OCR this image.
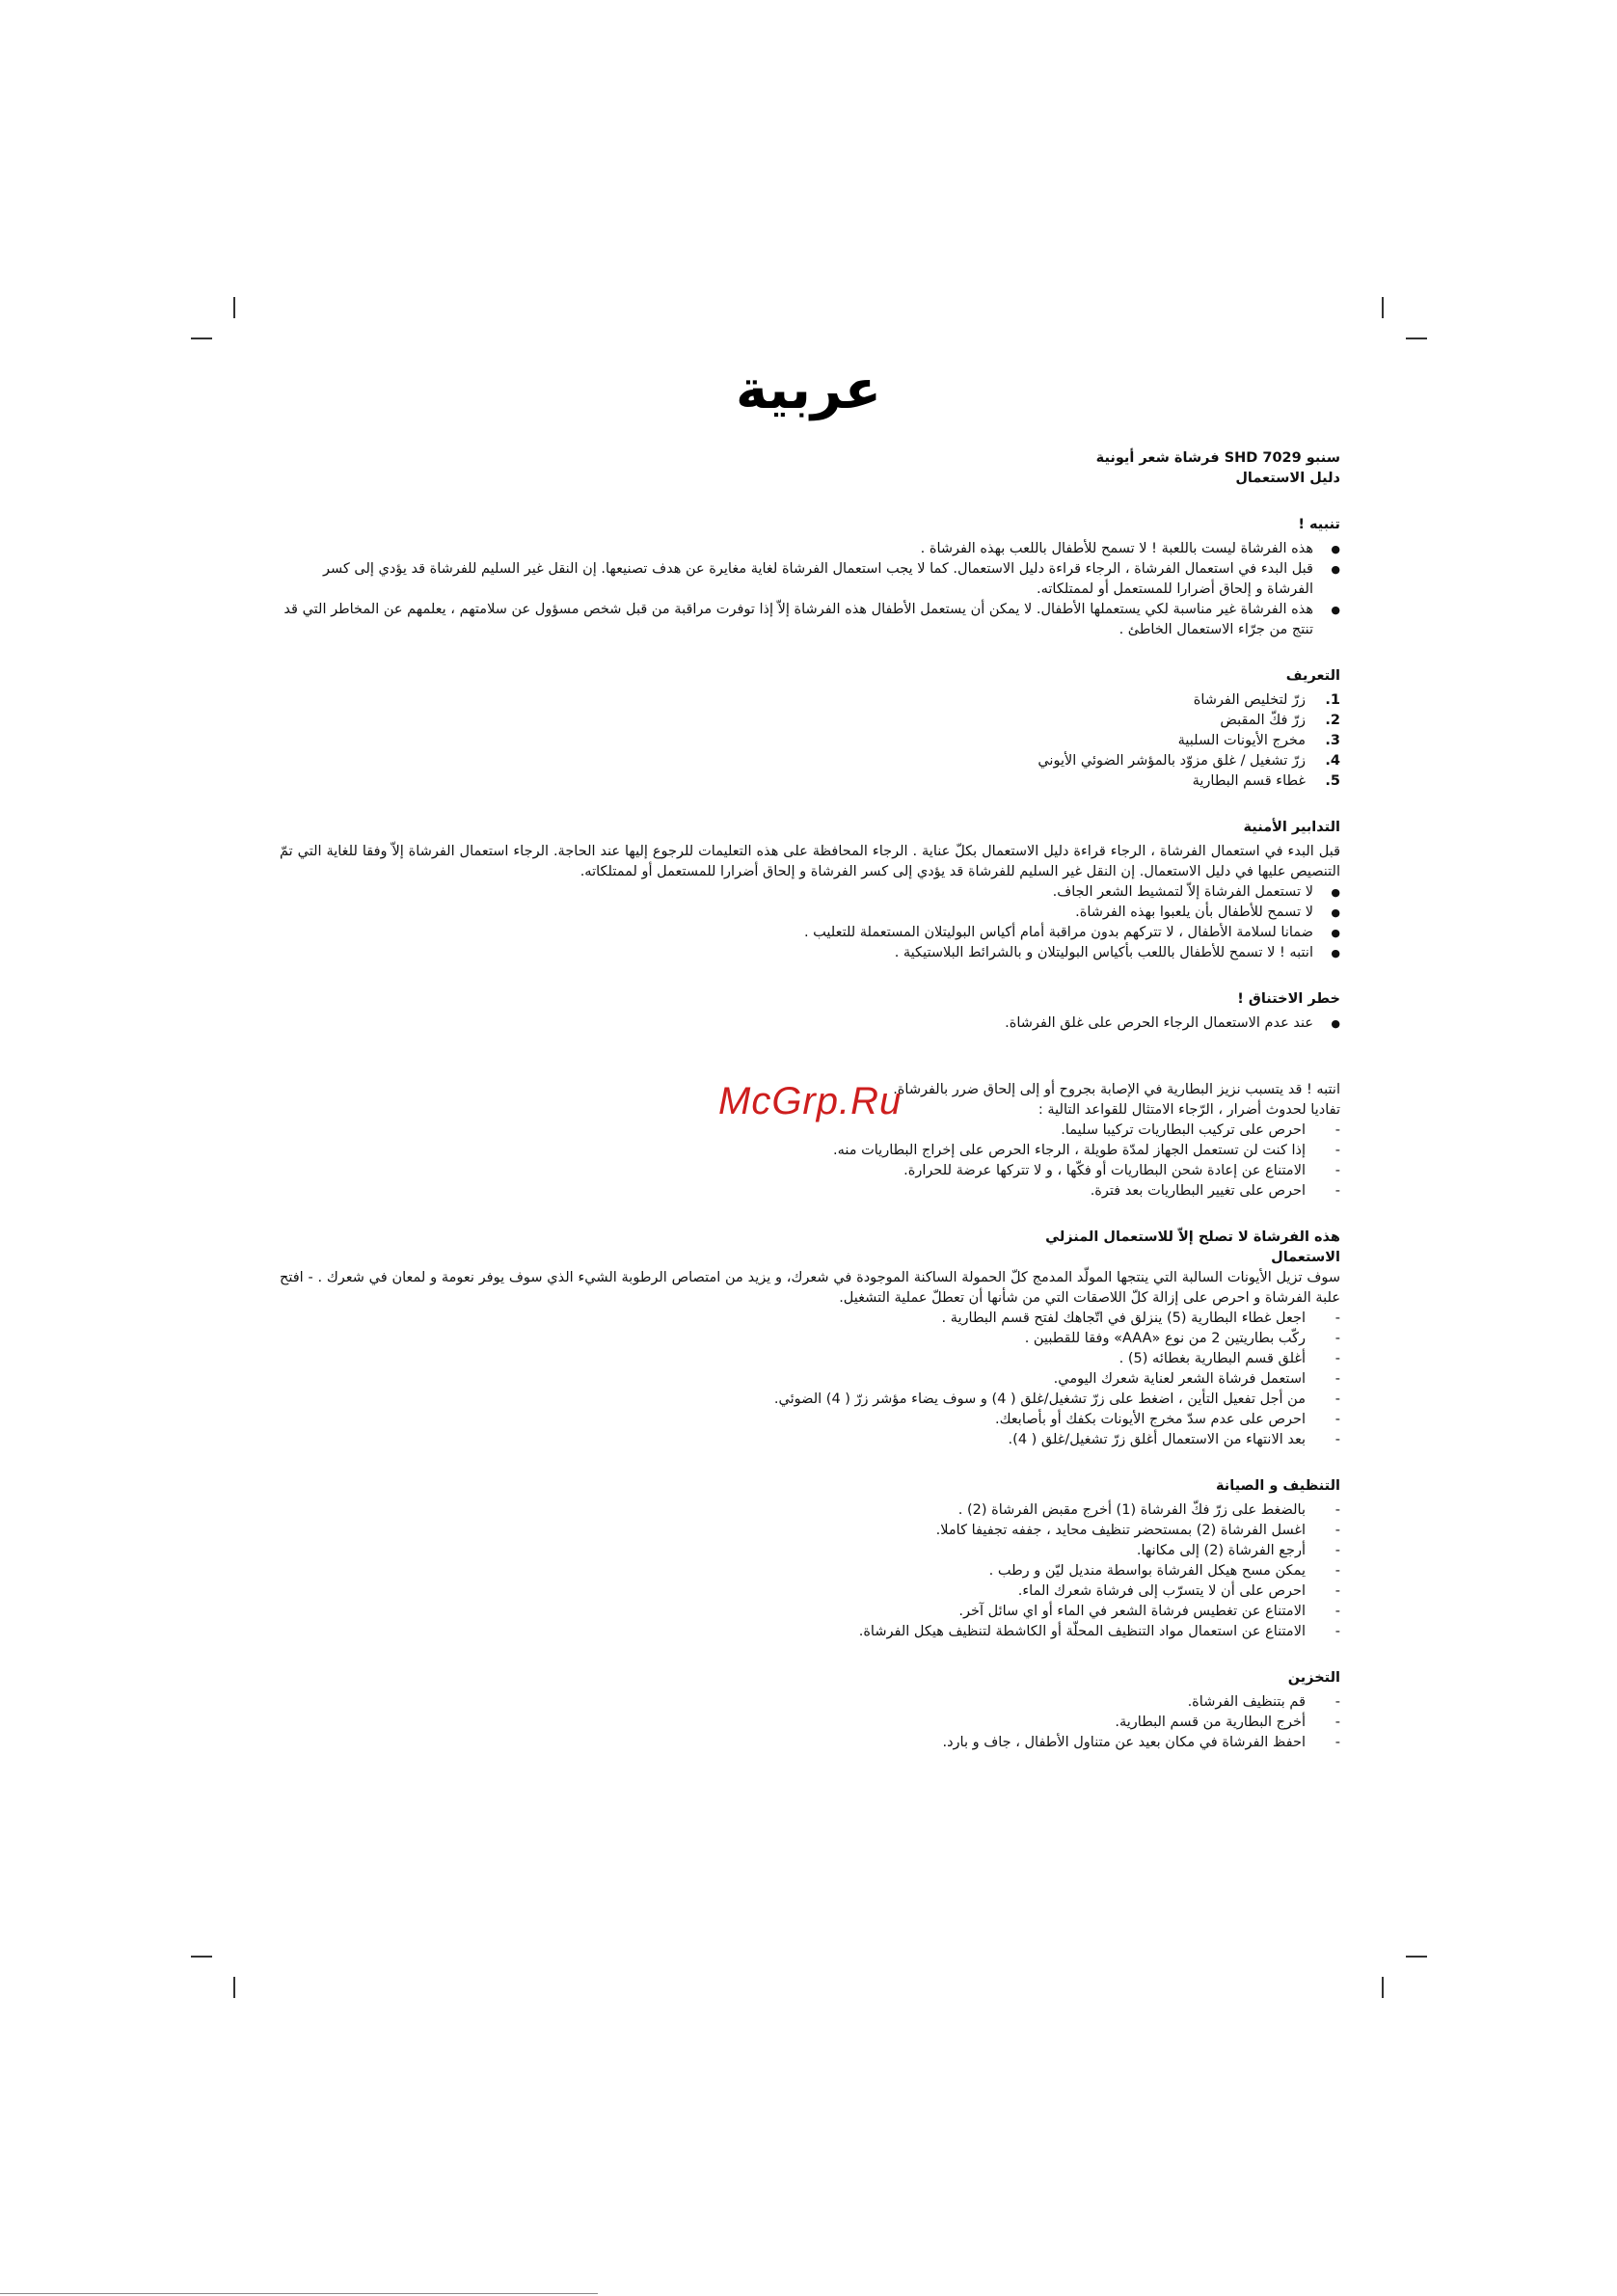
عربية

سنبو SHD 7029 فرشاة شعر أيونية

دليل الاستعمال

تنبيه !

● هذه الفرشاة ليست باللعبة ! لا تسمح للأطفال باللعب بهذه الفرشاة .
● قبل البدء في استعمال الفرشاة ، الرجاء قراءة دليل الاستعمال. كما لا يجب استعمال الفرشاة لغاية مغايرة عن هدف تصنيعها. إن النقل غير السليم للفرشاة قد يؤدي إلى كسر الفرشاة و إلحاق أضرارا للمستعمل أو لممتلكاته.
● هذه الفرشاة غير مناسبة لكي يستعملها الأطفال. لا يمكن أن يستعمل الأطفال هذه الفرشاة إلاّ إذا توفرت مراقبة من قبل شخص مسؤول عن سلامتهم ، يعلمهم عن المخاطر التي قد تنتج من جرّاء الاستعمال الخاطئ .

التعريف

1.
زرّ لتخليص الفرشاة
2.
زرّ فكّ المقبض
3.
مخرج الأيونات السلبية
4.
زرّ تشغيل / غلق مزوّد بالمؤشر الضوئي الأيوني
5.
غطاء قسم البطارية

التدابير الأمنية

قبل البدء في استعمال الفرشاة ، الرجاء قراءة دليل الاستعمال بكلّ عناية . الرجاء المحافظة على هذه التعليمات للرجوع إليها عند الحاجة. الرجاء استعمال الفرشاة إلاّ وفقا للغاية التي تمّ التنصيص عليها في دليل الاستعمال. إن النقل غير السليم للفرشاة قد يؤدي إلى كسر الفرشاة و إلحاق أضرارا للمستعمل أو لممتلكاته.

● لا تستعمل الفرشاة إلاّ لتمشيط الشعر الجاف.
● لا تسمح للأطفال بأن يلعبوا بهذه الفرشاة.
● ضمانا لسلامة الأطفال ، لا تتركهم بدون مراقبة أمام أكياس البوليتلان المستعملة للتعليب .
● انتبه ! لا تسمح للأطفال باللعب بأكياس البوليتلان و بالشرائط البلاستيكية .

خطر الاختناق !

● عند عدم الاستعمال الرجاء الحرص على غلق الفرشاة.

انتبه ! قد يتسبب نزيز البطارية في الإصابة بجروح أو إلى إلحاق ضرر بالفرشاة.

تفاديا لحدوث أضرار ، الرّجاء الامتثال للقواعد التالية :

- احرص على تركيب البطاريات تركيبا سليما.
- إذا كنت لن تستعمل الجهاز لمدّة طويلة ، الرجاء الحرص على إخراج البطاريات منه.
- الامتناع عن إعادة شحن البطاريات أو فكّها ، و لا تتركها عرضة للحرارة.
- احرص على تغيير البطاريات بعد فترة.

هذه الفرشاة لا تصلح إلاّ للاستعمال المنزلي

الاستعمال

سوف تزيل الأيونات السالبة التي ينتجها المولّد المدمج كلّ الحمولة الساكنة الموجودة في شعرك، و يزيد من امتصاص الرطوبة الشيء الذي سوف يوفر نعومة و لمعان في شعرك . - افتح علبة الفرشاة و احرص على إزالة كلّ اللاصقات التي من شأنها أن تعطلّ عملية التشغيل.

- اجعل غطاء البطارية (5) ينزلق في اتّجاهك لفتح قسم البطارية .
- ركّب بطاريتين 2 من نوع «AAA» وفقا للقطبين .
- أغلق قسم البطارية بغطائه (5) .
- استعمل فرشاة الشعر لعناية شعرك اليومي.
- من أجل تفعيل التأين ، اضغط على زرّ تشغيل/غلق ( 4) و سوف يضاء مؤشر زرّ ( 4) الضوئي.
- احرص على عدم سدّ مخرج الأيونات بكفك أو بأصابعك.
- بعد الانتهاء من الاستعمال أغلق زرّ تشغيل/غلق ( 4).

التنظيف و الصيانة

- بالضغط على زرّ فكّ الفرشاة (1) أخرج مقبض الفرشاة (2) .
- اغسل الفرشاة (2) بمستحضر تنظيف محايد ، جففه تجفيفا كاملا.
- أرجع الفرشاة (2) إلى مكانها.
- يمكن مسح هيكل الفرشاة بواسطة منديل ليّن و رطب .
- احرص على أن لا يتسرّب إلى فرشاة شعرك الماء.
- الامتناع عن تغطيس فرشاة الشعر في الماء أو اي سائل آخر.
- الامتناع عن استعمال مواد التنظيف المحلّة أو الكاشطة لتنظيف هيكل الفرشاة.

التخزين

- قم بتنظيف الفرشاة.
- أخرج البطارية من قسم البطارية.
- احفظ الفرشاة في مكان بعيد عن متناول الأطفال ، جاف و بارد.
McGrp.Ru
